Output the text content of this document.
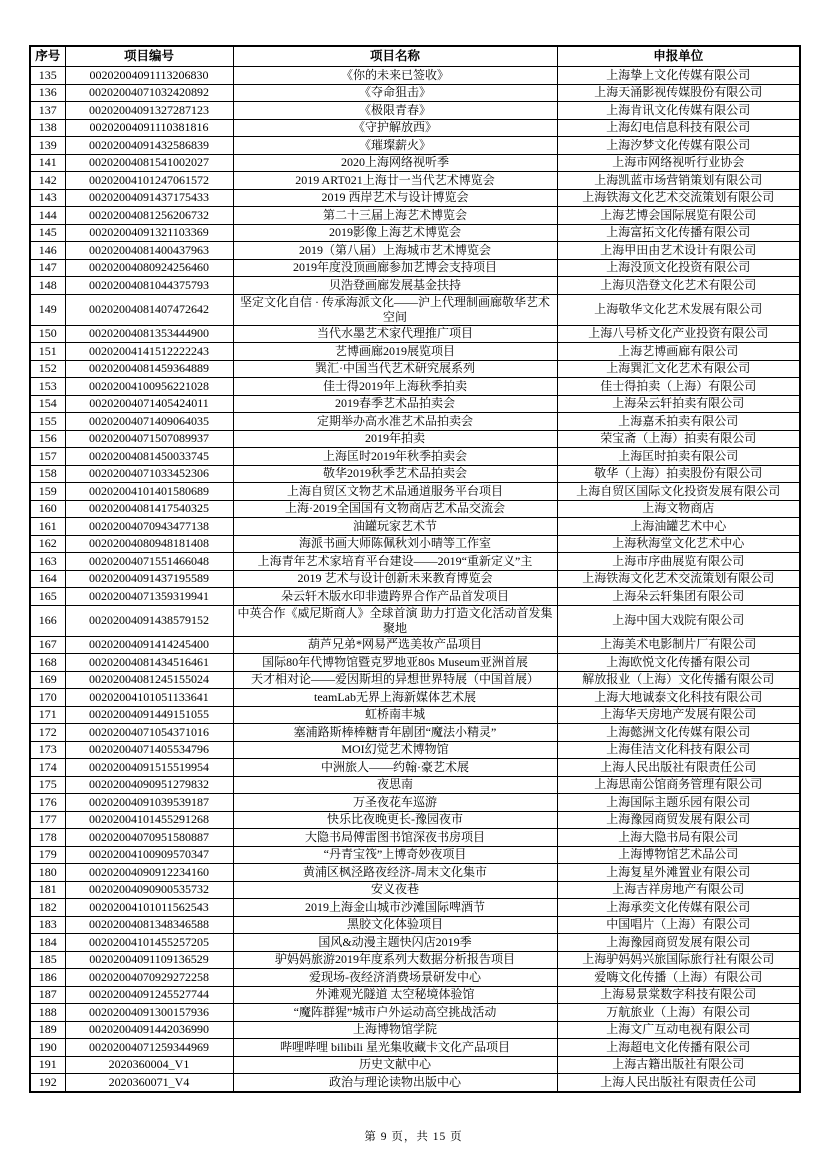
序号	项目编号	项目名称	申报单位
135	00202004091113206830	《你的未来已签收》	上海挚上文化传媒有限公司
136	00202004071032420892	《夺命狙击》	上海天涌影视传媒股份有限公司
137	00202004091327287123	《极限青春》	上海肯讯文化传媒有限公司
138	00202004091110381816	《守护解放西》	上海幻电信息科技有限公司
139	00202004091432586839	《璀璨薪火》	上海汐梦文化传媒有限公司
141	00202004081541002027	2020上海网络视听季	上海市网络视听行业协会
142	00202004101247061572	2019 ART021上海廿一当代艺术博览会	上海凯蓝市场营销策划有限公司
143	00202004091437175433	2019 西岸艺术与设计博览会	上海铁海文化艺术交流策划有限公司
144	00202004081256206732	第二十三届上海艺术博览会	上海艺博会国际展览有限公司
145	00202004091321103369	2019影像上海艺术博览会	上海富拓文化传播有限公司
146	00202004081400437963	2019（第八届）上海城市艺术博览会	上海甲田由艺术设计有限公司
147	00202004080924256460	2019年度没顶画廊参加艺博会支持项目	上海没顶文化投资有限公司
148	00202004081044375793	贝浩登画廊发展基金扶持	上海贝浩登文化艺术有限公司
149	00202004081407472642	坚定文化自信 · 传承海派文化——沪上代理制画廊敬华艺术空间	上海敬华文化艺术发展有限公司
150	00202004081353444900	当代水墨艺术家代理推广项目	上海八号桥文化产业投资有限公司
151	00202004141512222243	艺博画廊2019展览项目	上海艺博画廊有限公司
152	00202004081459364889	巽汇·中国当代艺术研究展系列	上海巽汇文化艺术有限公司
153	00202004100956221028	佳士得2019年上海秋季拍卖	佳士得拍卖（上海）有限公司
154	00202004071405424011	2019春季艺术品拍卖会	上海朵云轩拍卖有限公司
155	00202004071409064035	定期举办高水准艺术品拍卖会	上海嘉禾拍卖有限公司
156	00202004071507089937	2019年拍卖	荣宝斋（上海）拍卖有限公司
157	00202004081450033745	上海匡时2019年秋季拍卖会	上海匡时拍卖有限公司
158	00202004071033452306	敬华2019秋季艺术品拍卖会	敬华（上海）拍卖股份有限公司
159	00202004101401580689	上海自贸区文物艺术品通道服务平台项目	上海自贸区国际文化投资发展有限公司
160	00202004081417540325	上海·2019全国国有文物商店艺术品交流会	上海文物商店
161	00202004070943477138	油罐玩家艺术节	上海油罐艺术中心
162	00202004080948181408	海派书画大师陈佩秋刘小晴等工作室	上海秋海堂文化艺术中心
163	00202004071551466048	上海青年艺术家培育平台建设——2019“重新定义”主	上海市序曲展览有限公司
164	00202004091437195589	2019 艺术与设计创新未来教育博览会	上海铁海文化艺术交流策划有限公司
165	00202004071359319941	朵云轩木版水印非遗跨界合作产品首发项目	上海朵云轩集团有限公司
166	00202004091438579152	中英合作《威尼斯商人》全球首演 助力打造文化活动首发集聚地	上海中国大戏院有限公司
167	00202004091414245400	葫芦兄弟*网易严选美妆产品项目	上海美术电影制片厂有限公司
168	00202004081434516461	国际80年代博物馆暨克罗地亚80s Museum亚洲首展	上海欧悦文化传播有限公司
169	00202004081245155024	天才相对论——爱因斯坦的异想世界特展（中国首展）	解放报业（上海）文化传播有限公司
170	00202004101051133641	teamLab无界上海新媒体艺术展	上海大地诚泰文化科技有限公司
171	00202004091449151055	虹桥南丰城	上海华天房地产发展有限公司
172	00202004071054371016	塞浦路斯棒棒糖青年剧团“魔法小精灵”	上海懿洲文化传媒有限公司
173	00202004071405534796	MOI幻觉艺术博物馆	上海佳洁文化科技有限公司
174	00202004091515519954	中洲旅人——约翰·豪艺术展	上海人民出版社有限责任公司
175	00202004090951279832	夜思南	上海思南公馆商务管理有限公司
176	00202004091039539187	万圣夜花车巡游	上海国际主题乐园有限公司
177	00202004101455291268	快乐比夜晚更长-豫园夜市	上海豫园商贸发展有限公司
178	00202004070951580887	大隐书局傅雷图书馆深夜书房项目	上海大隐书局有限公司
179	00202004100909570347	“丹青宝筏”上博奇妙夜项目	上海博物馆艺术品公司
180	00202004090912234160	黄浦区枫泾路夜经济-周末文化集市	上海复星外滩置业有限公司
181	00202004090900535732	安义夜巷	上海吉祥房地产有限公司
182	00202004101011562543	2019上海金山城市沙滩国际啤酒节	上海承奕文化传媒有限公司
183	00202004081348346588	黑胶文化体验项目	中国唱片（上海）有限公司
184	00202004101455257205	国风&动漫主题快闪店2019季	上海豫园商贸发展有限公司
185	00202004091109136529	驴妈妈旅游2019年度系列大数据分析报告项目	上海驴妈妈兴旅国际旅行社有限公司
186	00202004070929272258	爱现场-夜经济消费场景研发中心	爱嗨文化传播（上海）有限公司
187	00202004091245527744	外滩观光隧道 太空秘境体验馆	上海易景棠数字科技有限公司
188	00202004091300157936	“魔阵群猩”城市户外运动高空挑战活动	万航旅业（上海）有限公司
189	00202004091442036990	上海博物馆学院	上海文广互动电视有限公司
190	00202004071259344969	哔哩哔哩 bilibili 星光集收藏卡文化产品项目	上海超电文化传播有限公司
191	2020360004_V1	历史文献中心	上海古籍出版社有限公司
192	2020360071_V4	政治与理论读物出版中心	上海人民出版社有限责任公司
第 9 页，共 15 页
